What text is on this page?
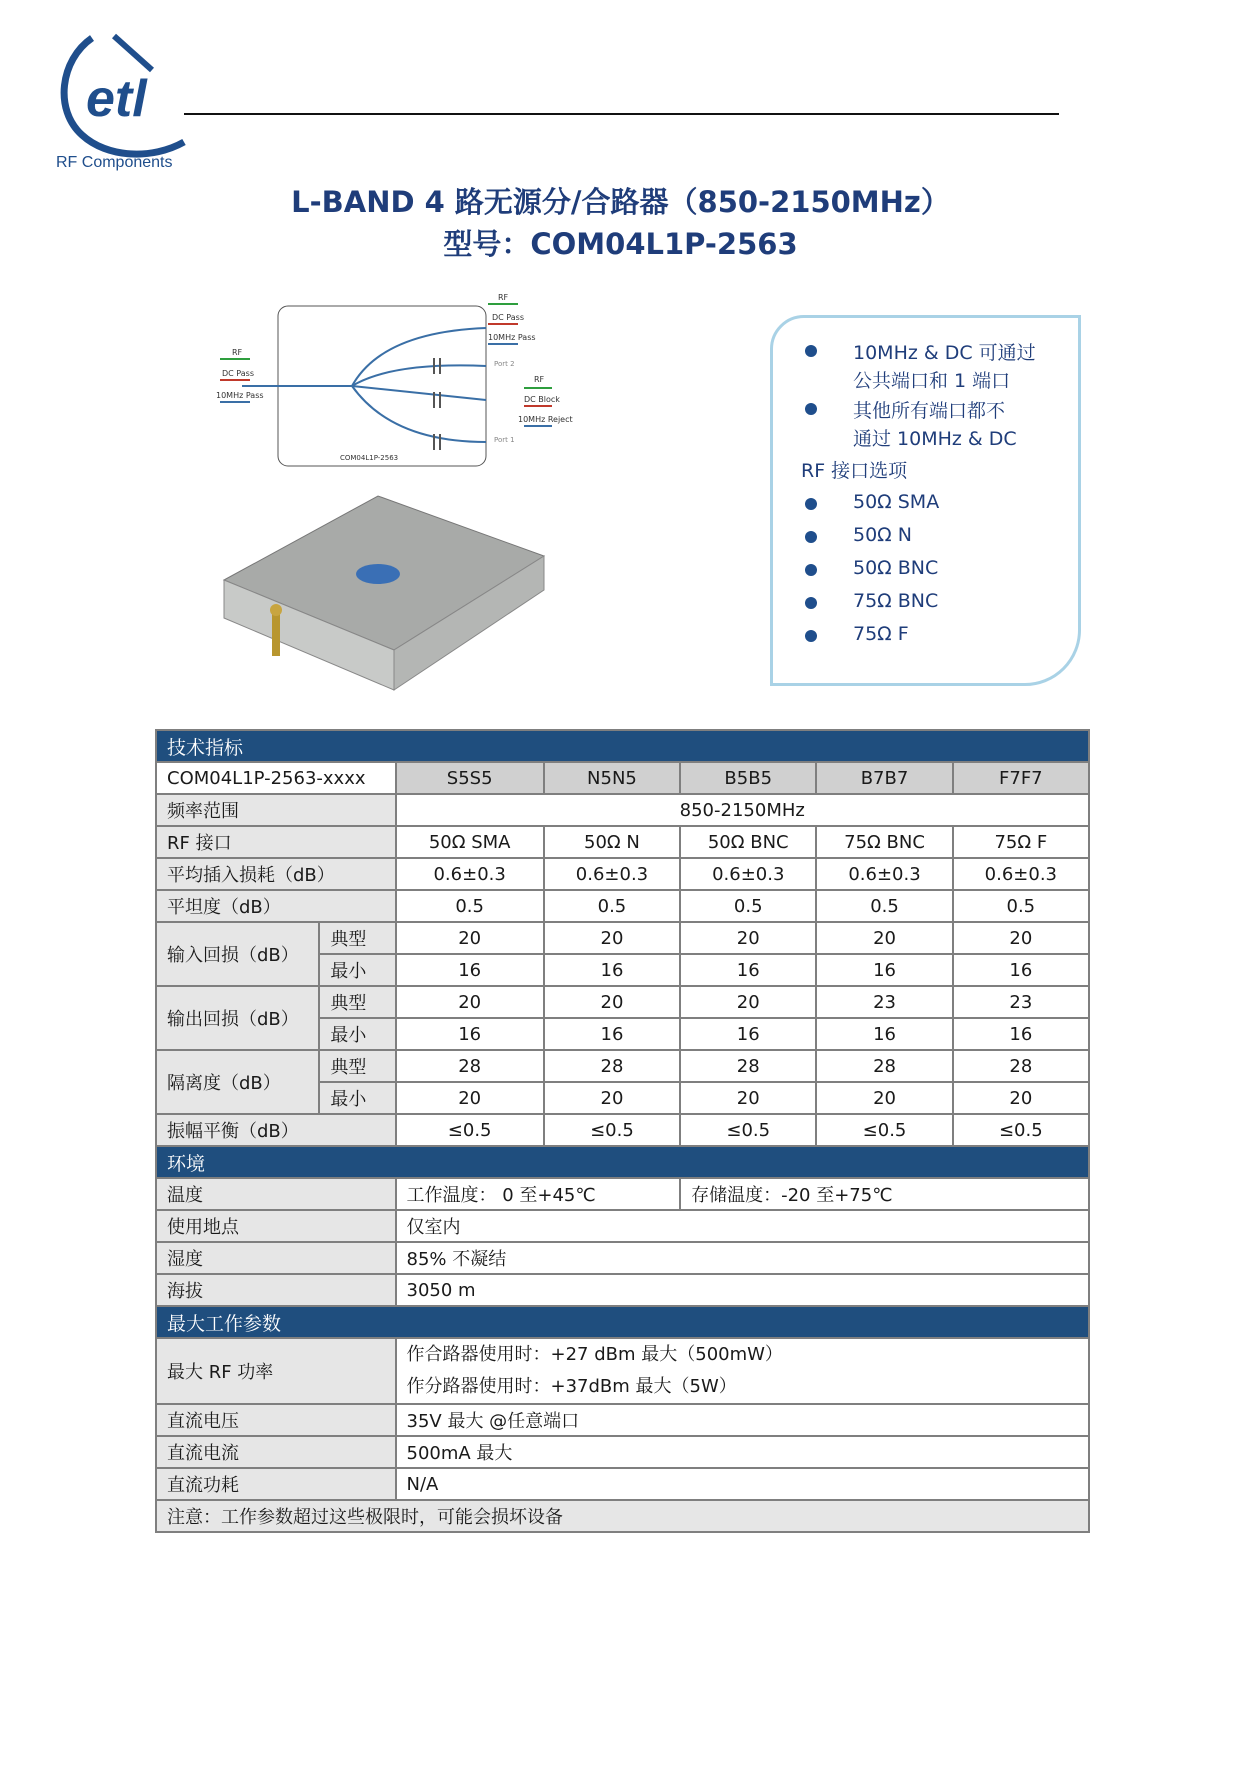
etl
RF Components
L-BAND 4 路无源分/合路器（850-2150MHz）
型号：COM04L1P-2563
RF
DC Pass
10MHz Pass
RF
DC Pass
10MHz Pass
Port 2
Port 1
RF
DC Block
10MHz Reject
COM04L1P-2563
10MHz & DC 可通过
公共端口和 1 端口
其他所有端口都不
通过 10MHz & DC
RF 接口选项
50Ω SMA
50Ω N
50Ω BNC
75Ω BNC
75Ω F
技术指标						
COM04L1P-2563-xxxx		S5S5	N5N5	B5B5	B7B7	F7F7
频率范围		850-2150MHz				
RF 接口		50Ω SMA	50Ω N	50Ω BNC	75Ω BNC	75Ω F
平均插入损耗（dB）		0.6±0.3	0.6±0.3	0.6±0.3	0.6±0.3	0.6±0.3
平坦度（dB）		0.5	0.5	0.5	0.5	0.5
输入回损（dB）	典型	20	20	20	20	20
	最小	16	16	16	16	16
输出回损（dB）	典型	20	20	20	23	23
	最小	16	16	16	16	16
隔离度（dB）	典型	28	28	28	28	28
	最小	20	20	20	20	20
振幅平衡（dB）		≤0.5	≤0.5	≤0.5	≤0.5	≤0.5
环境						
温度		工作温度： 0 至+45℃		存储温度：-20 至+75℃		
使用地点		仅室内				
湿度		85% 不凝结				
海拔		3050 m				
最大工作参数						
最大 RF 功率		作合路器使用时：+27 dBm 最大（500mW）
作分路器使用时：+37dBm 最大（5W）				

直流电压		35V 最大 @任意端口				
直流电流		500mA 最大				
直流功耗		N/A				
注意：工作参数超过这些极限时，可能会损坏设备						
